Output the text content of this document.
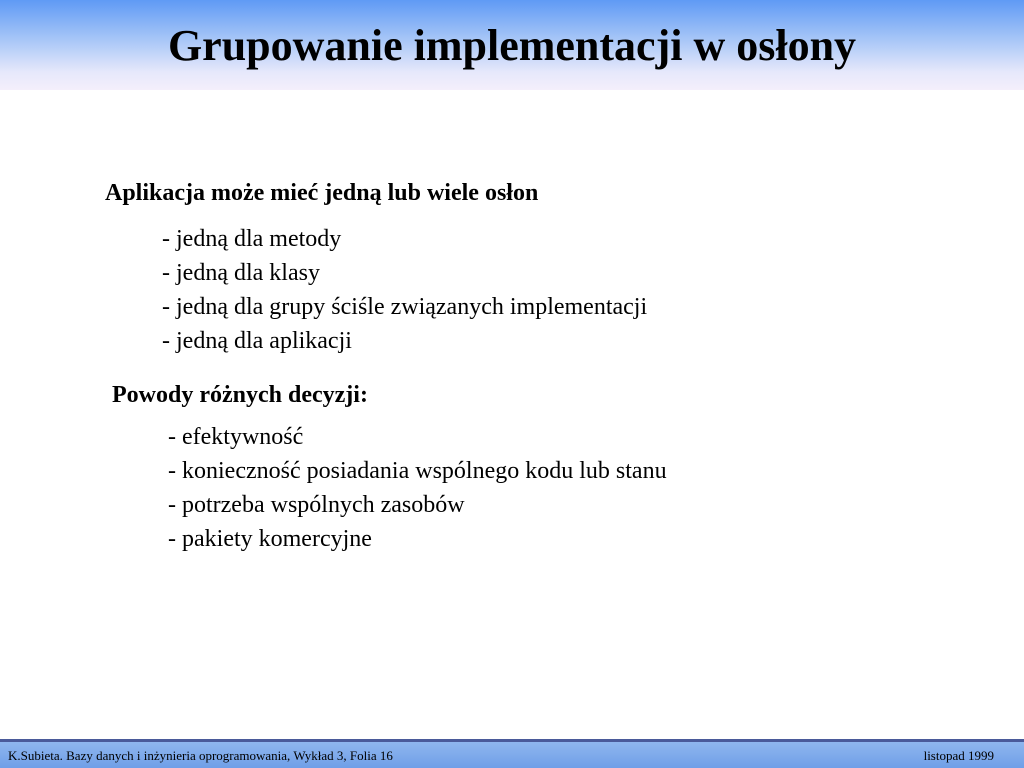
Grupowanie implementacji w osłony
Aplikacja może mieć jedną lub wiele osłon
- jedną dla metody
- jedną dla klasy
- jedną dla grupy ściśle związanych implementacji
- jedną dla aplikacji
Powody różnych decyzji:
- efektywność
- konieczność posiadania wspólnego kodu lub stanu
- potrzeba wspólnych zasobów
- pakiety komercyjne
K.Subieta. Bazy danych i inżynieria oprogramowania, Wykład 3, Folia 16	listopad 1999
